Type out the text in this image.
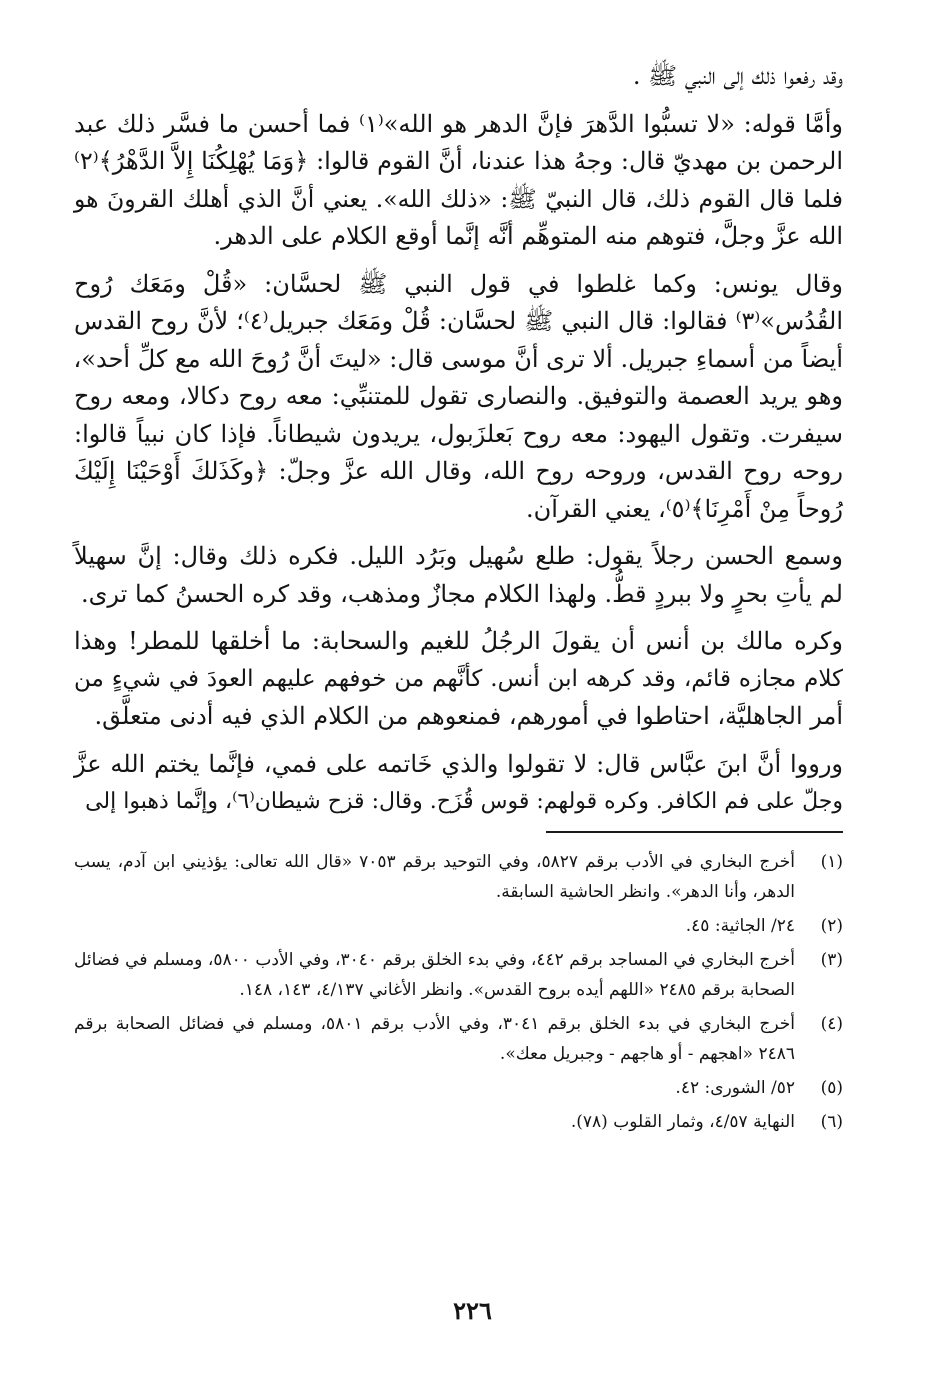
وقد رفعوا ذلك إلى النبي ﷺ .

وأمَّا قوله: «لا تسبُّوا الدَّهرَ فإنَّ الدهر هو الله»⁽١⁾ فما أحسن ما فسَّر ذلك عبد
الرحمن بن مهديّ قال: وجهُ هذا عندنا، أنَّ القوم قالوا: ﴿وَمَا يُهْلِكُنَا إِلاَّ الدَّهْرُ﴾⁽٢⁾
فلما قال القوم ذلك، قال النبيّ ﷺ: «ذلك الله». يعني أنَّ الذي أهلك القرونَ هو
الله عزَّ وجلَّ، فتوهم منه المتوهِّم أنَّه إنَّما أوقع الكلام على الدهر.

وقال يونس: وكما غلطوا في قول النبي ﷺ لحسَّان: «قُلْ ومَعَك رُوح
القُدُس»⁽٣⁾ فقالوا: قال النبي ﷺ لحسَّان: قُلْ ومَعَك جبريل⁽٤⁾؛ لأنَّ روح القدس
أيضاً من أسماءِ جبريل. ألا ترى أنَّ موسى قال: «ليتَ أنَّ رُوحَ الله مع كلِّ أحد»،
وهو يريد العصمة والتوفيق. والنصارى تقول للمتنبِّي: معه روح دكالا، ومعه روح
سيفرت. وتقول اليهود: معه روح بَعلزَبول، يريدون شيطاناً. فإذا كان نبياً قالوا:
روحه روح القدس، وروحه روح الله، وقال الله عزَّ وجلّ: ﴿وكَذَلكَ أَوْحَيْنَا إِلَيْكَ
رُوحاً مِنْ أَمْرِنَا﴾⁽٥⁾، يعني القرآن.

وسمع الحسن رجلاً يقول: طلع سُهيل وبَرُد الليل. فكره ذلك وقال: إنَّ سهيلاً
لم يأتِ بحرٍ ولا ببردٍ قطُّ. ولهذا الكلام مجازٌ ومذهب، وقد كره الحسنُ كما ترى.

وكره مالك بن أنس أن يقولَ الرجُلُ للغيم والسحابة: ما أخلقها للمطر! وهذا
كلام مجازه قائم، وقد كرهه ابن أنس. كأنَّهم من خوفهم عليهم العودَ في شيءٍ من
أمر الجاهليَّة، احتاطوا في أمورهم، فمنعوهم من الكلام الذي فيه أدنى متعلَّق.

ورووا أنَّ ابنَ عبَّاس قال: لا تقولوا والذي خَاتمه على فمي، فإنَّما يختم الله عزَّ
وجلّ على فم الكافر. وكره قولهم: قوس قُزَح. وقال: قزح شيطان⁽٦⁾، وإنَّما ذهبوا إلى

(١)
أخرج البخاري في الأدب برقم ٥٨٢٧، وفي التوحيد برقم ٧٠٥٣ «قال الله تعالى: يؤذيني ابن آدم، يسب الدهر، وأنا الدهر». وانظر الحاشية السابقة.
(٢)
٢٤/ الجاثية: ٤٥.
(٣)
أخرج البخاري في المساجد برقم ٤٤٢، وفي بدء الخلق برقم ٣٠٤٠، وفي الأدب ٥٨٠٠، ومسلم في فضائل الصحابة برقم ٢٤٨٥ «اللهم أيده بروح القدس». وانظر الأغاني ٤/١٣٧، ١٤٣، ١٤٨.
(٤)
أخرج البخاري في بدء الخلق برقم ٣٠٤١، وفي الأدب برقم ٥٨٠١، ومسلم في فضائل الصحابة برقم ٢٤٨٦ «اهجهم - أو هاجهم - وجبريل معك».
(٥)
٥٢/ الشورى: ٤٢.
(٦)
النهاية ٤/٥٧، وثمار القلوب (٧٨).
٢٢٦
